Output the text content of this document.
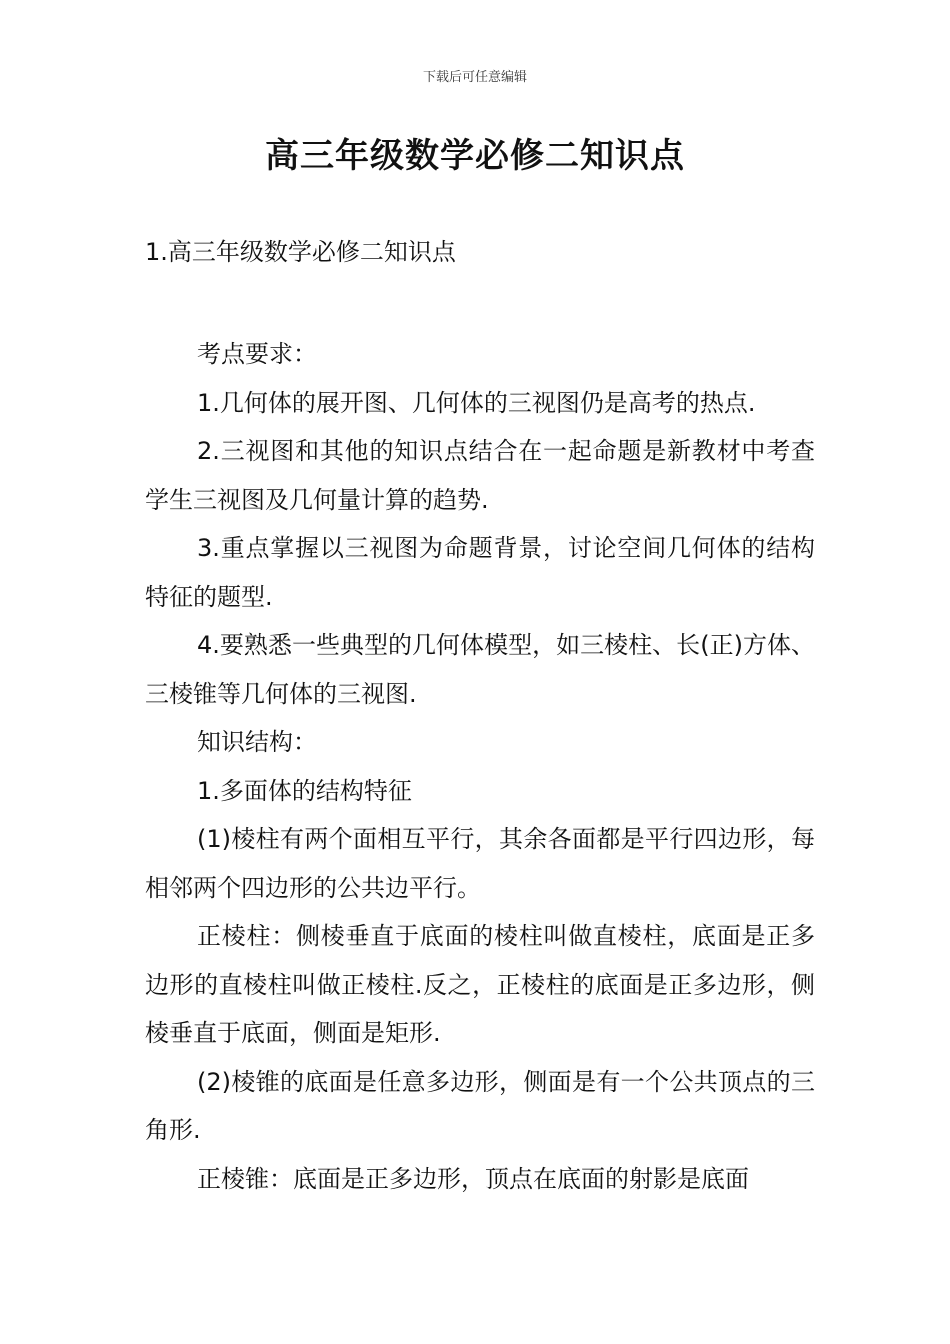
下载后可任意编辑
高三年级数学必修二知识点
1.高三年级数学必修二知识点

考点要求：

1.几何体的展开图、几何体的三视图仍是高考的热点.

2.三视图和其他的知识点结合在一起命题是新教材中考查学生三视图及几何量计算的趋势.

3.重点掌握以三视图为命题背景，讨论空间几何体的结构特征的题型.

4.要熟悉一些典型的几何体模型，如三棱柱、长(正)方体、三棱锥等几何体的三视图.

知识结构：

1.多面体的结构特征

(1)棱柱有两个面相互平行，其余各面都是平行四边形，每相邻两个四边形的公共边平行。

正棱柱：侧棱垂直于底面的棱柱叫做直棱柱，底面是正多边形的直棱柱叫做正棱柱.反之，正棱柱的底面是正多边形，侧棱垂直于底面，侧面是矩形.

(2)棱锥的底面是任意多边形，侧面是有一个公共顶点的三角形.

正棱锥：底面是正多边形，顶点在底面的射影是底面
